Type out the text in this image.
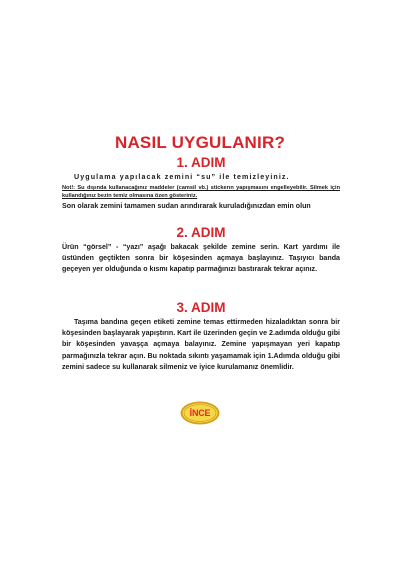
NASIL UYGULANIR?
1. ADIM

Uygulama yapılacak zemini “su” ile temizleyiniz.

Not!: Su dışında kullanacağınız maddeler (camsil vb.) stickerın yapışmasını engelleyebilir. Silmek için kullandığınız bezin temiz olmasına özen gösteriniz.

Son olarak zemini tamamen sudan arındırarak kuruladığınızdan emin olun

2. ADIM

Ürün “görsel” - “yazı” aşağı bakacak şekilde zemine serin. Kart yardımı ile üstünden geçtikten sonra bir köşesinden açmaya başlayınız. Taşıyıcı banda geçeyen yer olduğunda o kısmı kapatıp parmağınızı bastırarak tekrar açınız.

3. ADIM

Taşıma bandına geçen etiketi zemine temas ettirmeden hizaladıktan sonra bir köşesinden başlayarak yapıştırın. Kart ile üzerinden geçin ve 2.adımda olduğu gibi bir köşesinden yavaşça açmaya balayınız. Zemine yapışmayan yeri kapatıp parmağınızla tekrar açın. Bu noktada sıkıntı yaşamamak için 1.Adımda olduğu gibi zemini sadece su kullanarak silmeniz ve iyice kurulamanız önemlidir.

İNCE
